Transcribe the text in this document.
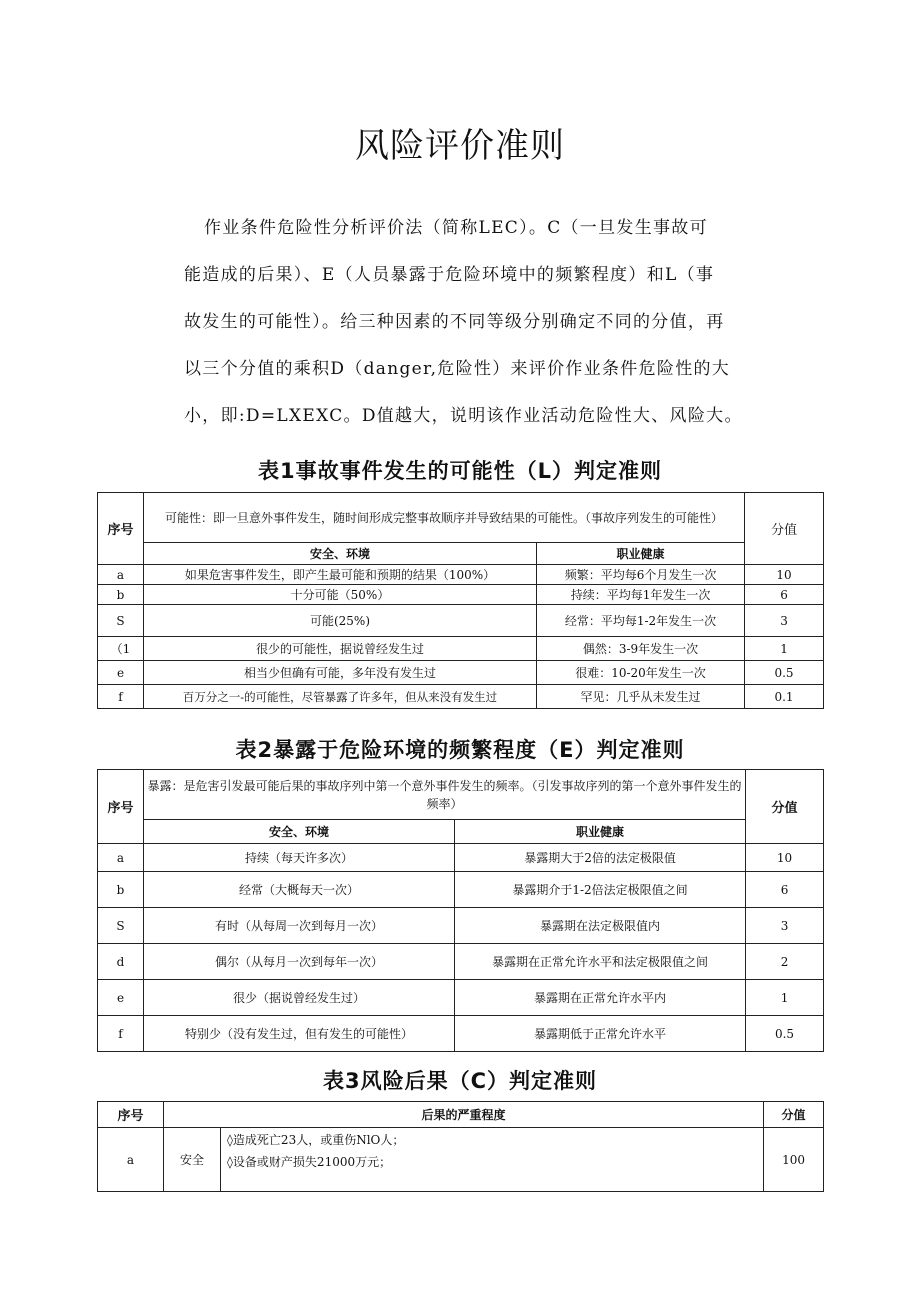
风险评价准则
作业条件危险性分析评价法（简称LEC）。C（一旦发生事故可
能造成的后果）、E（人员暴露于危险环境中的频繁程度）和L（事
故发生的可能性）。给三种因素的不同等级分别确定不同的分值，再
以三个分值的乘积D（danger,危险性）来评价作业条件危险性的大
小，即:D=LXEXC。D值越大，说明该作业活动危险性大、风险大。
表1事故事件发生的可能性（L）判定准则
序号	可能性：即一旦意外事件发生，随时间形成完整事故顺序并导致结果的可能性。（事故序列发生的可能性）		分值
	安全、环境	职业健康	
a	如果危害事件发生，即产生最可能和预期的结果（100%）	频繁：平均每6个月发生一次	10
b	十分可能（50%）	持续：平均每1年发生一次	6
S	可能(25%)	经常：平均每1-2年发生一次	3
（1	很少的可能性，据说曾经发生过	偶然：3-9年发生一次	1
e	相当少但确有可能，多年没有发生过	很难：10-20年发生一次	0.5
f	百万分之一-的可能性，尽管暴露了许多年，但从来没有发生过	罕见：几乎从未发生过	0.1
表2暴露于危险环境的频繁程度（E）判定准则
序号	暴露：是危害引发最可能后果的事故序列中第一个意外事件发生的频率。（引发事故序列的第一个意外事件发生的频率）		分值
	安全、环境	职业健康	
a	持续（每天许多次）	暴露期大于2倍的法定极限值	10
b	经常（大概每天一次）	暴露期介于1-2倍法定极限值之间	6
S	有时（从每周一次到每月一次）	暴露期在法定极限值内	3
d	偶尔（从每月一次到每年一次）	暴露期在正常允许水平和法定极限值之间	2
e	很少（据说曾经发生过）	暴露期在正常允许水平内	1
f	特别少（没有发生过，但有发生的可能性）	暴露期低于正常允许水平	0.5
表3风险后果（C）判定准则
序号	后果的严重程度		分值
a	安全	◊造成死亡23人，或重伤NlO人；
◊设备或财产损失21000万元；	100
